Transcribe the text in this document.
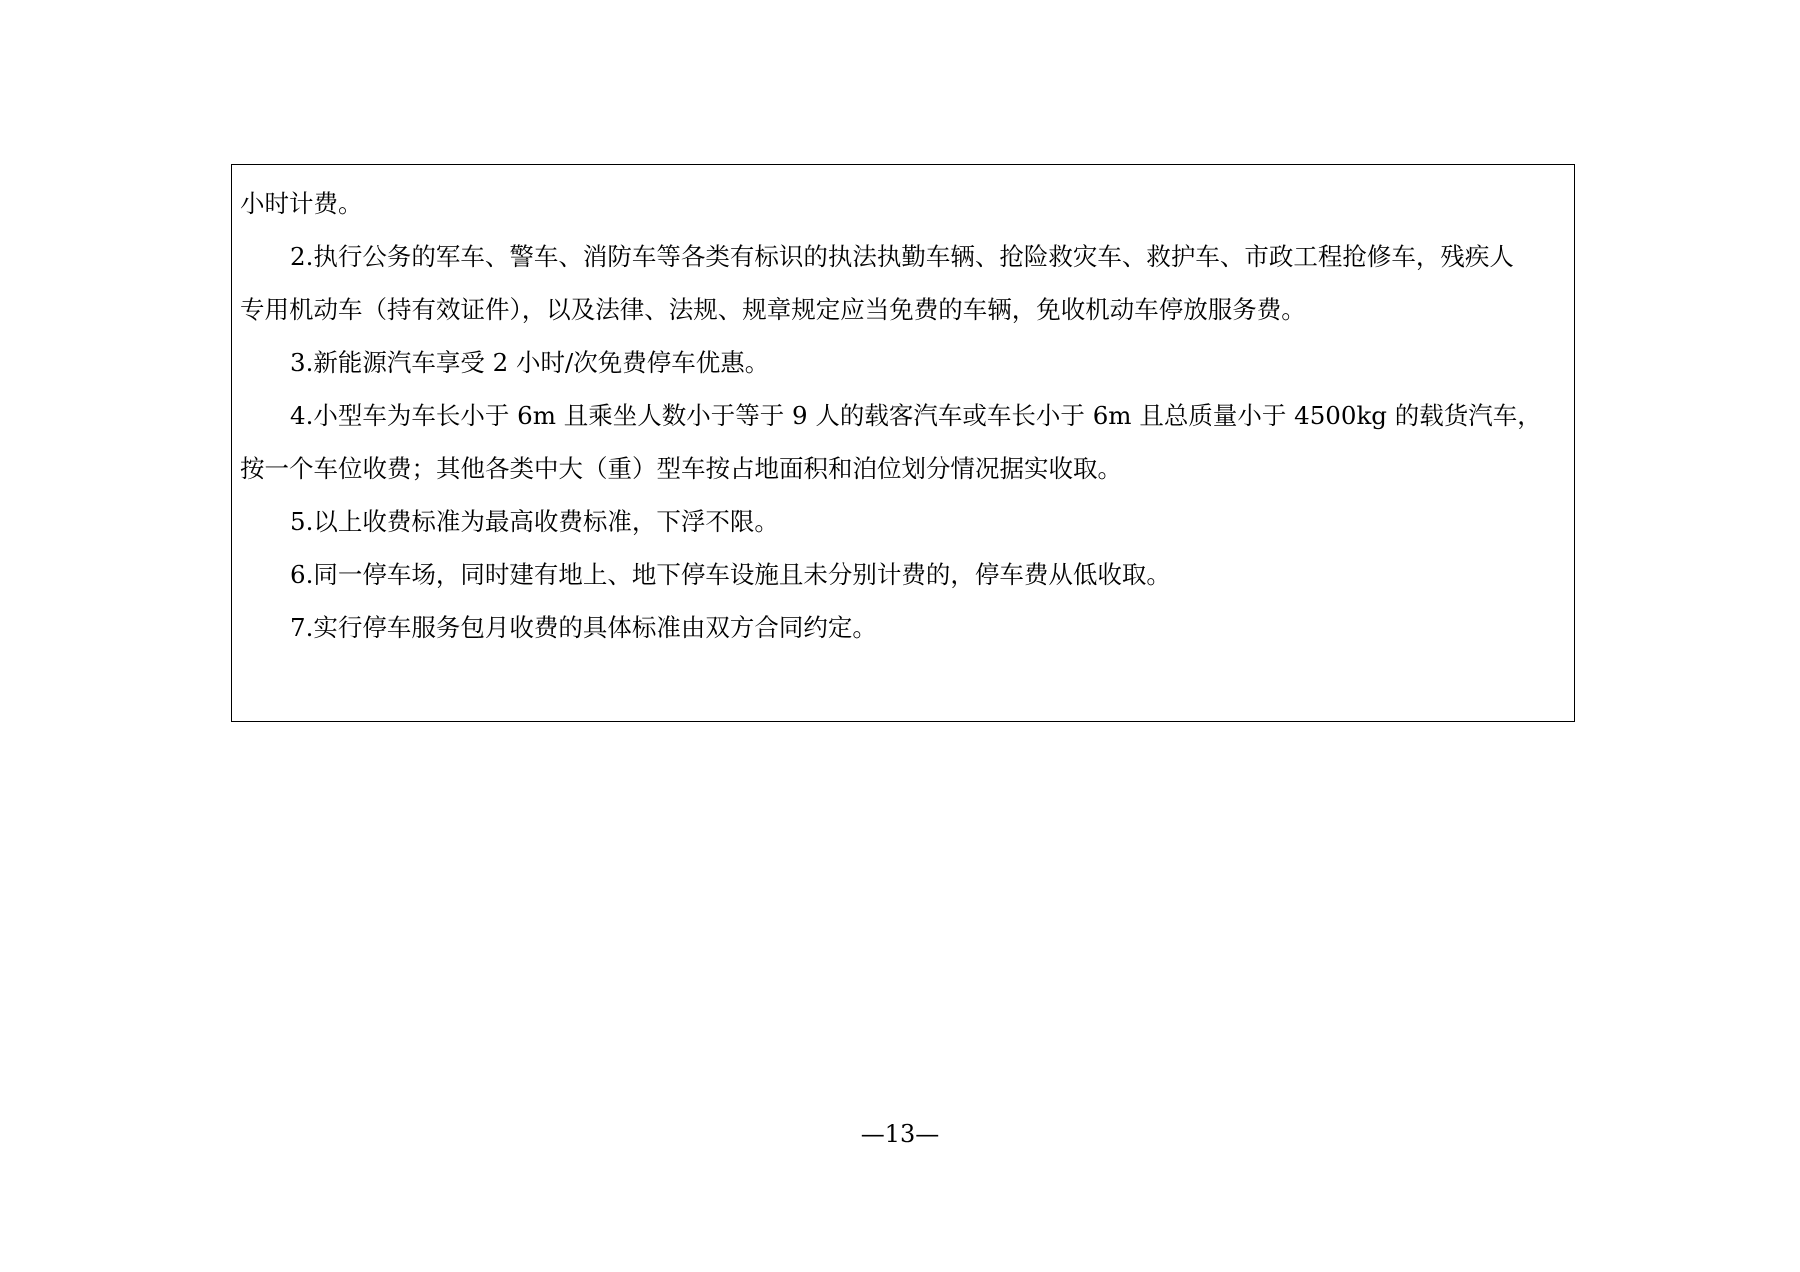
小时计费。
2.执行公务的军车、警车、消防车等各类有标识的执法执勤车辆、抢险救灾车、救护车、市政工程抢修车，残疾人
专用机动车（持有效证件），以及法律、法规、规章规定应当免费的车辆，免收机动车停放服务费。
3.新能源汽车享受 2 小时/次免费停车优惠。
4.小型车为车长小于 6m 且乘坐人数小于等于 9 人的载客汽车或车长小于 6m 且总质量小于 4500kg 的载货汽车，
按一个车位收费；其他各类中大（重）型车按占地面积和泊位划分情况据实收取。
5.以上收费标准为最高收费标准，下浮不限。
6.同一停车场，同时建有地上、地下停车设施且未分别计费的，停车费从低收取。
7.实行停车服务包月收费的具体标准由双方合同约定。
—13—
